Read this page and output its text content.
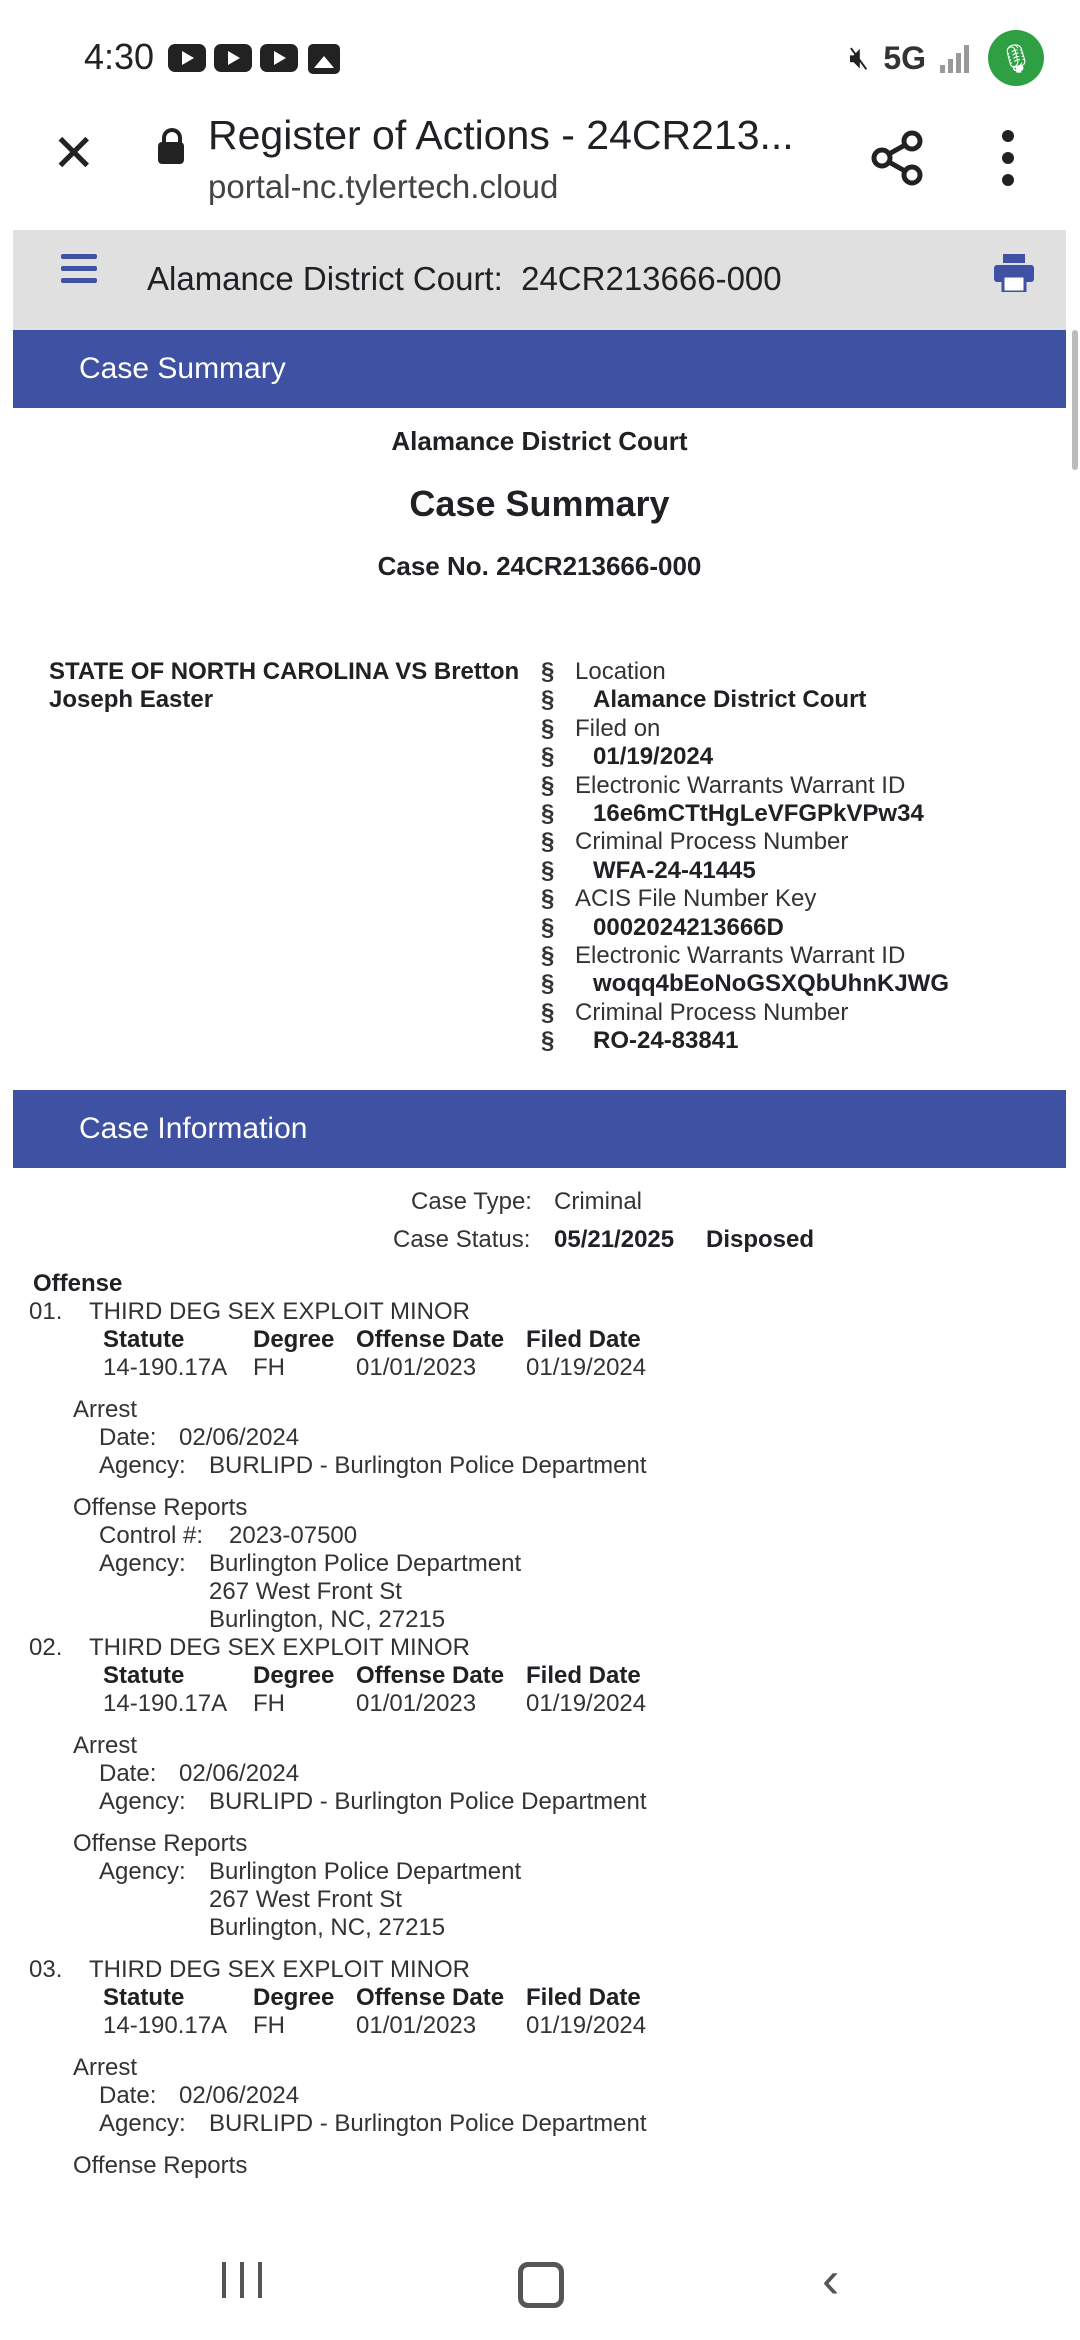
4:30	🔇︎ 5G	🎙︎
✕	Register of Actions - 24CR213...
portal-nc.tylertech.cloud
Alamance District Court:  24CR213666-000
Case Summary
Alamance District Court
Case Summary
Case No. 24CR213666-000
STATE OF NORTH CAROLINA VS Bretton
Joseph Easter
§ Location
§	Alamance District Court
§ Filed on
§	01/19/2024
§ Electronic Warrants Warrant ID
§	16e6mCTtHgLeVFGPkVPw34
§ Criminal Process Number
§	WFA-24-41445
§ ACIS File Number Key
§	0002024213666D
§ Electronic Warrants Warrant ID
§	woqq4bEoNoGSXQbUhnKJWG
§ Criminal Process Number
§	RO-24-83841
Case Information
Case Type: Criminal
Case Status: 05/21/2025 Disposed
Offense
01. THIRD DEG SEX EXPLOIT MINOR
Statute	Degree Offense Date Filed Date
14-190.17A FH	01/01/2023 01/19/2024
Arrest
Date: 02/06/2024
Agency: BURLIPD - Burlington Police Department
Offense Reports
Control #: 2023-07500
Agency: Burlington Police Department
267 West Front St
Burlington, NC, 27215
02. THIRD DEG SEX EXPLOIT MINOR
Statute	Degree Offense Date Filed Date
14-190.17A FH	01/01/2023 01/19/2024
Arrest
Date: 02/06/2024
Agency: BURLIPD - Burlington Police Department
Offense Reports
Agency: Burlington Police Department
267 West Front St
Burlington, NC, 27215
03. THIRD DEG SEX EXPLOIT MINOR
Statute	Degree Offense Date Filed Date
14-190.17A FH	01/01/2023 01/19/2024
Arrest
Date: 02/06/2024
Agency: BURLIPD - Burlington Police Department
Offense Reports
‹
